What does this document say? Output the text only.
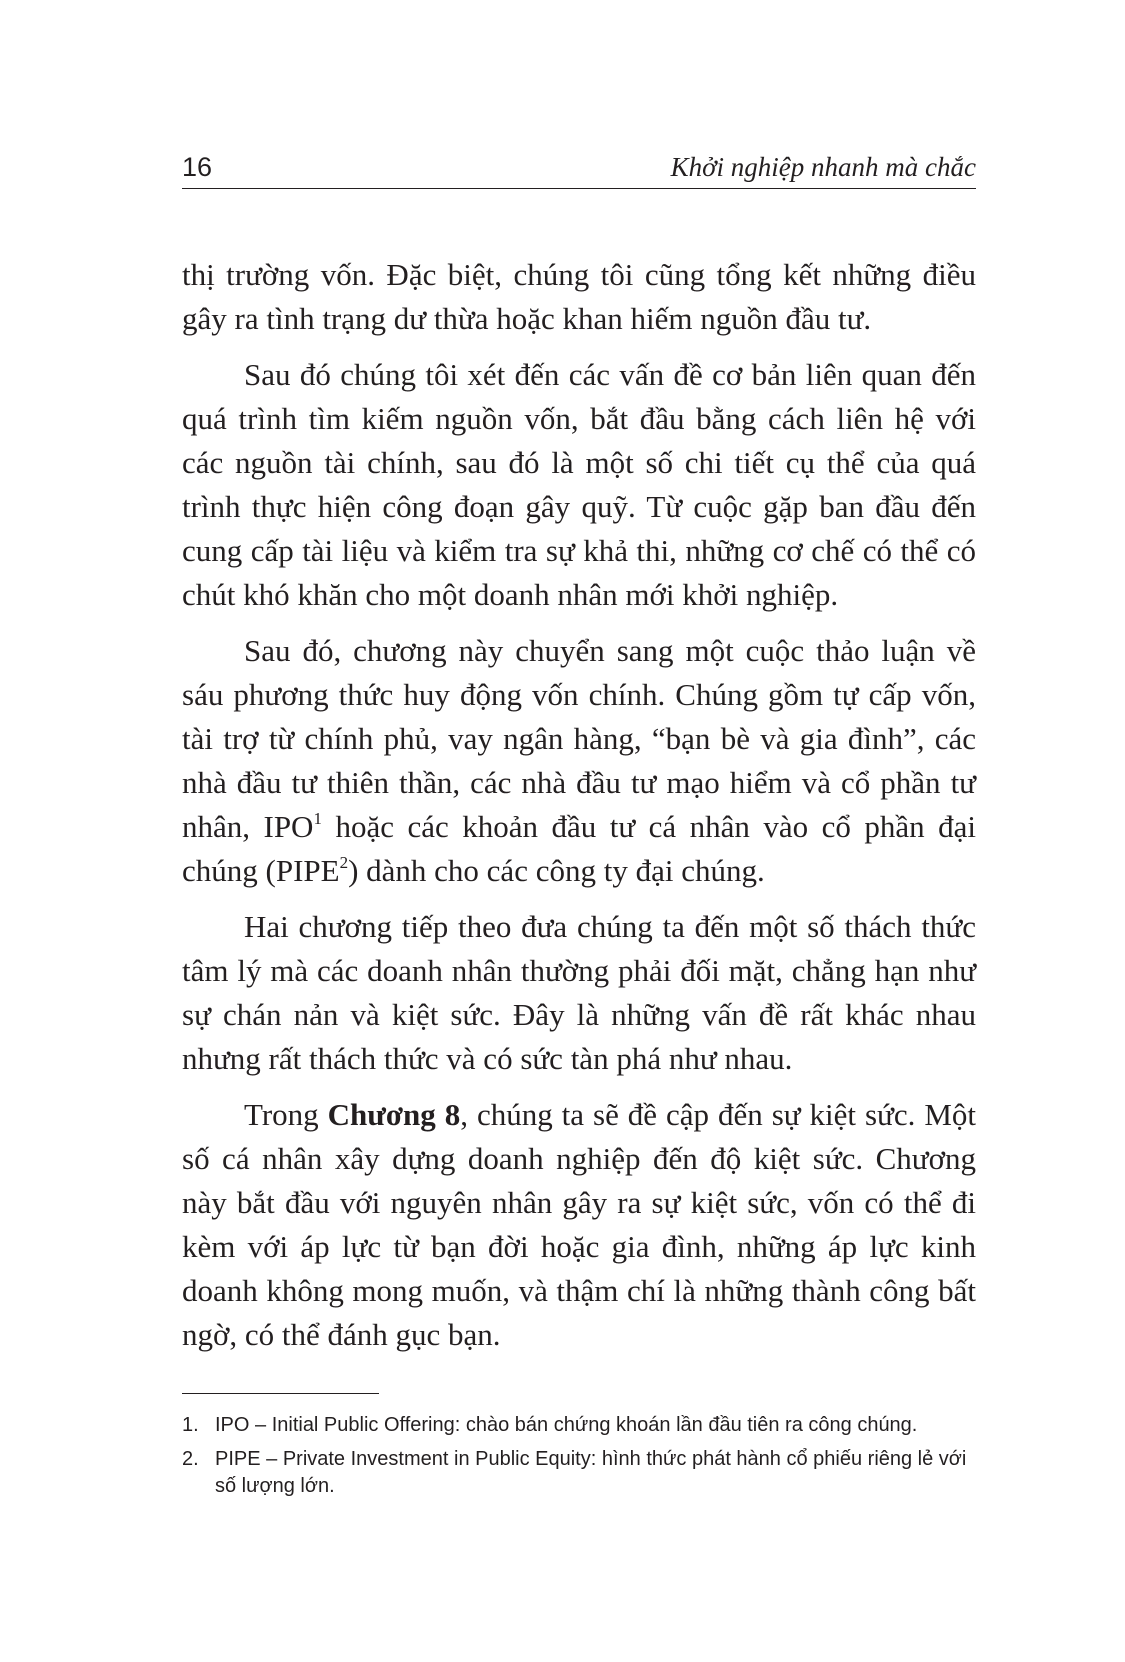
16	Khởi nghiệp nhanh mà chắc

thị trường vốn. Đặc biệt, chúng tôi cũng tổng kết những điều gây ra tình trạng dư thừa hoặc khan hiếm nguồn đầu tư.

Sau đó chúng tôi xét đến các vấn đề cơ bản liên quan đến quá trình tìm kiếm nguồn vốn, bắt đầu bằng cách liên hệ với các nguồn tài chính, sau đó là một số chi tiết cụ thể của quá trình thực hiện công đoạn gây quỹ. Từ cuộc gặp ban đầu đến cung cấp tài liệu và kiểm tra sự khả thi, những cơ chế có thể có chút khó khăn cho một doanh nhân mới khởi nghiệp.

Sau đó, chương này chuyển sang một cuộc thảo luận về sáu phương thức huy động vốn chính. Chúng gồm tự cấp vốn, tài trợ từ chính phủ, vay ngân hàng, “bạn bè và gia đình”, các nhà đầu tư thiên thần, các nhà đầu tư mạo hiểm và cổ phần tư nhân, IPO$^1$ hoặc các khoản đầu tư cá nhân vào cổ phần đại chúng (PIPE$^2$) dành cho các công ty đại chúng.

Hai chương tiếp theo đưa chúng ta đến một số thách thức tâm lý mà các doanh nhân thường phải đối mặt, chẳng hạn như sự chán nản và kiệt sức. Đây là những vấn đề rất khác nhau nhưng rất thách thức và có sức tàn phá như nhau.

Trong Chương 8, chúng ta sẽ đề cập đến sự kiệt sức. Một số cá nhân xây dựng doanh nghiệp đến độ kiệt sức. Chương này bắt đầu với nguyên nhân gây ra sự kiệt sức, vốn có thể đi kèm với áp lực từ bạn đời hoặc gia đình, những áp lực kinh doanh không mong muốn, và thậm chí là những thành công bất ngờ, có thể đánh gục bạn.

1. IPO – Initial Public Offering: chào bán chứng khoán lần đầu tiên ra công chúng.
2. PIPE – Private Investment in Public Equity: hình thức phát hành cổ phiếu riêng lẻ với số lượng lớn.
